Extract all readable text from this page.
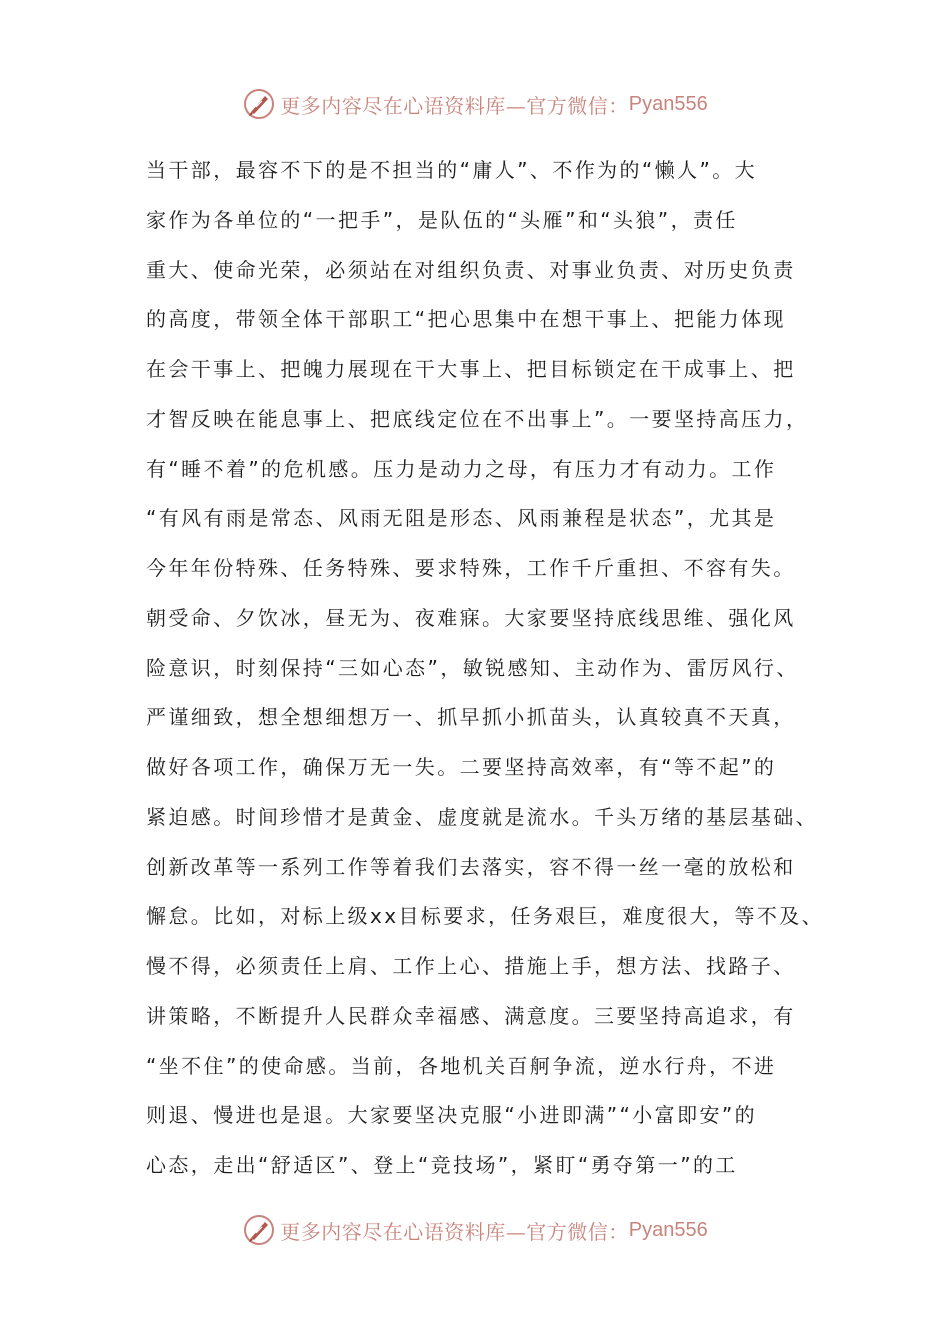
更多内容尽在心语资料库—官方微信： Pyan556
当干部，最容不下的是不担当的“庸人”、不作为的“懒人”。大
家作为各单位的“一把手”，是队伍的“头雁”和“头狼”，责任
重大、使命光荣，必须站在对组织负责、对事业负责、对历史负责
的高度，带领全体干部职工“把心思集中在想干事上、把能力体现
在会干事上、把魄力展现在干大事上、把目标锁定在干成事上、把
才智反映在能息事上、把底线定位在不出事上”。一要坚持高压力，
有“睡不着”的危机感。压力是动力之母，有压力才有动力。工作
“有风有雨是常态、风雨无阻是形态、风雨兼程是状态”，尤其是
今年年份特殊、任务特殊、要求特殊，工作千斤重担、不容有失。
朝受命、夕饮冰，昼无为、夜难寐。大家要坚持底线思维、强化风
险意识，时刻保持“三如心态”，敏锐感知、主动作为、雷厉风行、
严谨细致，想全想细想万一、抓早抓小抓苗头，认真较真不天真，
做好各项工作，确保万无一失。二要坚持高效率，有“等不起”的
紧迫感。时间珍惜才是黄金、虚度就是流水。千头万绪的基层基础、
创新改革等一系列工作等着我们去落实，容不得一丝一毫的放松和
懈怠。比如，对标上级xx目标要求，任务艰巨，难度很大，等不及、
慢不得，必须责任上肩、工作上心、措施上手，想方法、找路子、
讲策略，不断提升人民群众幸福感、满意度。三要坚持高追求，有
“坐不住”的使命感。当前，各地机关百舸争流，逆水行舟，不进
则退、慢进也是退。大家要坚决克服“小进即满”“小富即安”的
心态，走出“舒适区”、登上“竞技场”，紧盯“勇夺第一”的工
更多内容尽在心语资料库—官方微信： Pyan556
